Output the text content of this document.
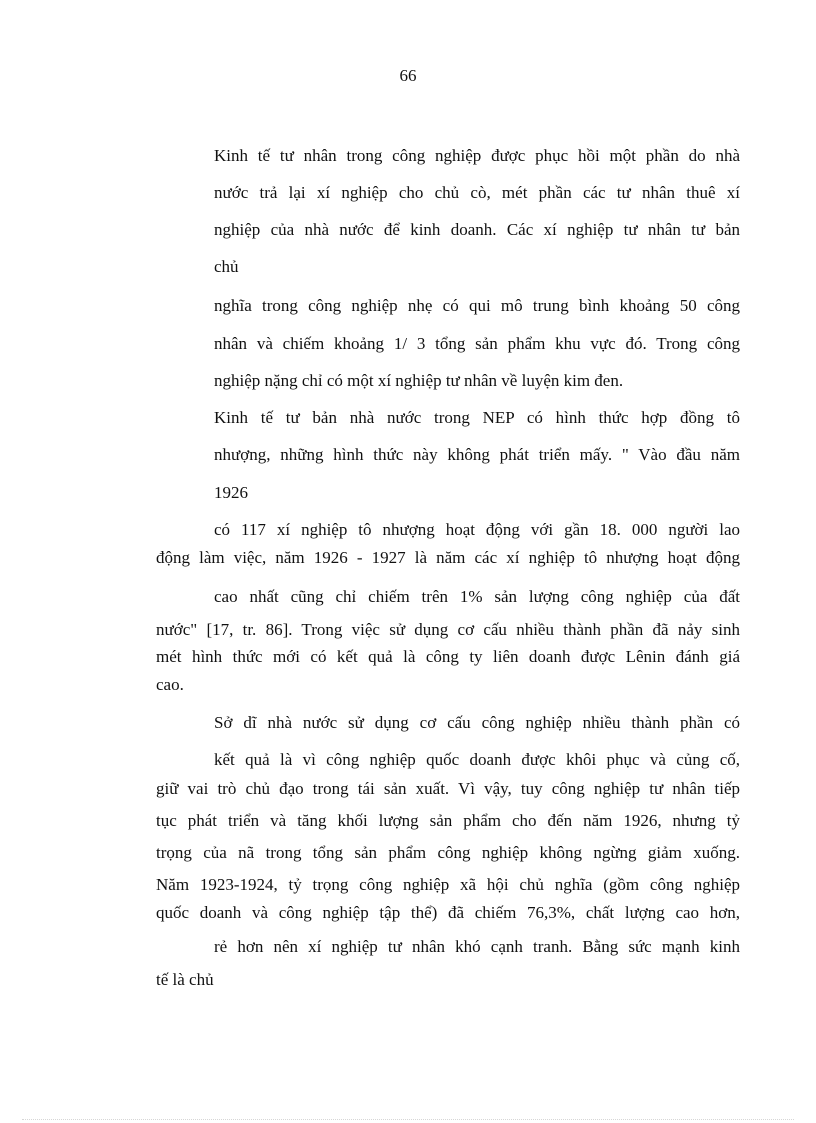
66
Kinh tế tư nhân trong công nghiệp được phục hồi một phần do nhà
nước trả lại xí nghiệp cho chủ cò, mét phần các tư nhân thuê xí
nghiệp của nhà nước để kinh doanh. Các xí nghiệp tư nhân tư bản
chủ
nghĩa trong công nghiệp nhẹ có qui mô trung bình khoảng 50 công
nhân và chiếm khoảng 1/ 3 tổng sản phẩm khu vực đó. Trong công
nghiệp nặng chỉ có một xí nghiệp tư nhân về luyện kim đen.
Kinh tế tư bản nhà nước trong NEP có hình thức hợp đồng tô
nhượng, những hình thức này không phát triển mấy. " Vào đầu năm
1926
có 117 xí nghiệp tô nhượng hoạt động với gần 18. 000 người lao
động làm việc, năm 1926 - 1927 là năm các xí nghiệp tô nhượng hoạt động
cao nhất cũng chỉ chiếm trên 1% sản lượng công nghiệp của đất
nước" [17, tr. 86]. Trong việc sử dụng cơ cấu nhiều thành phần đã nảy sinh
mét hình thức mới có kết quả là công ty liên doanh được Lênin đánh giá
cao.
Sở dĩ nhà nước sử dụng cơ cấu công nghiệp nhiều thành phần có
kết quả là vì công nghiệp quốc doanh được khôi phục và củng cố,
giữ vai trò chủ đạo trong tái sản xuất. Vì vậy, tuy công nghiệp tư nhân tiếp
tục phát triển và tăng khối lượng sản phẩm cho đến năm 1926, nhưng tỷ
trọng của nã trong tổng sản phẩm công nghiệp không ngừng giảm xuống.
Năm 1923-1924, tỷ trọng công nghiệp xã hội chủ nghĩa (gồm công nghiệp
quốc doanh và công nghiệp tập thể) đã chiếm 76,3%, chất lượng cao hơn,
rẻ hơn nên xí nghiệp tư nhân khó cạnh tranh. Bằng sức mạnh kinh
tế là chủ
